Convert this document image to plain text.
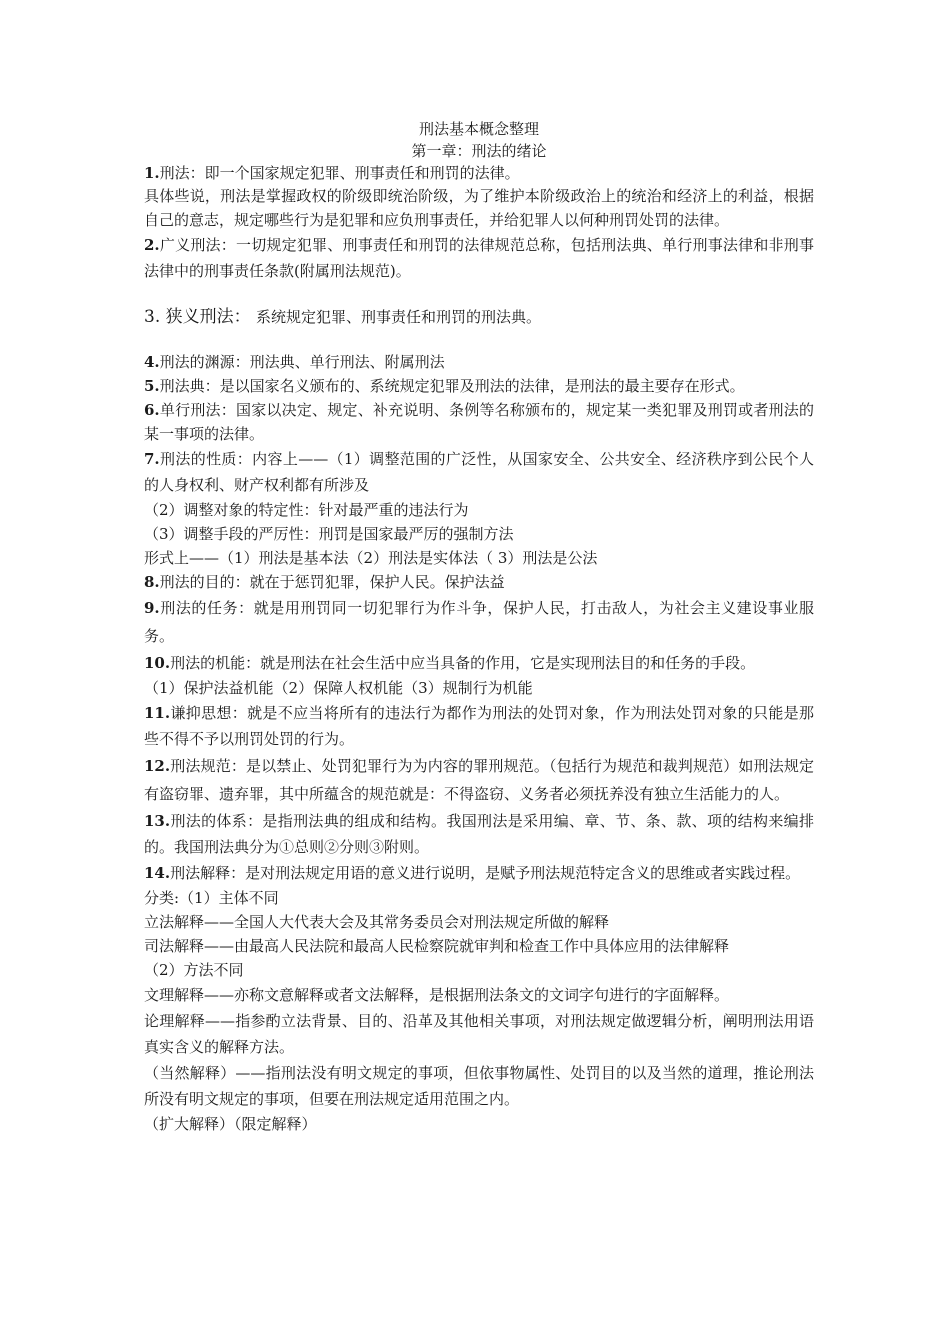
刑法基本概念整理

第一章：刑法的绪论

1.刑法：即一个国家规定犯罪、刑事责任和刑罚的法律。

具体些说，刑法是掌握政权的阶级即统治阶级，为了维护本阶级政治上的统治和经济上的利益，根据自己的意志，规定哪些行为是犯罪和应负刑事责任，并给犯罪人以何种刑罚处罚的法律。

2.广义刑法：一切规定犯罪、刑事责任和刑罚的法律规范总称，包括刑法典、单行刑事法律和非刑事法律中的刑事责任条款(附属刑法规范)。

3. 狭义刑法： 系统规定犯罪、刑事责任和刑罚的刑法典。

4.刑法的渊源：刑法典、单行刑法、附属刑法

5.刑法典：是以国家名义颁布的、系统规定犯罪及刑法的法律，是刑法的最主要存在形式。

6.单行刑法：国家以决定、规定、补充说明、条例等名称颁布的，规定某一类犯罪及刑罚或者刑法的某一事项的法律。

7.刑法的性质：内容上——（1）调整范围的广泛性，从国家安全、公共安全、经济秩序到公民个人的人身权利、财产权利都有所涉及

（2）调整对象的特定性：针对最严重的违法行为

（3）调整手段的严厉性：刑罚是国家最严厉的强制方法

形式上——（1）刑法是基本法（2）刑法是实体法（ 3）刑法是公法

8.刑法的目的：就在于惩罚犯罪，保护人民。保护法益

9.刑法的任务：就是用刑罚同一切犯罪行为作斗争，保护人民，打击敌人，为社会主义建设事业服务。

10.刑法的机能：就是刑法在社会生活中应当具备的作用，它是实现刑法目的和任务的手段。

（1）保护法益机能（2）保障人权机能（3）规制行为机能

11.谦抑思想：就是不应当将所有的违法行为都作为刑法的处罚对象，作为刑法处罚对象的只能是那些不得不予以刑罚处罚的行为。

12.刑法规范：是以禁止、处罚犯罪行为为内容的罪刑规范。（包括行为规范和裁判规范）如刑法规定有盗窃罪、遗弃罪，其中所蕴含的规范就是：不得盗窃、义务者必须抚养没有独立生活能力的人。

13.刑法的体系：是指刑法典的组成和结构。我国刑法是采用编、章、节、条、款、项的结构来编排的。我国刑法典分为①总则②分则③附则。

14.刑法解释：是对刑法规定用语的意义进行说明，是赋予刑法规范特定含义的思维或者实践过程。

分类:（1）主体不同

立法解释——全国人大代表大会及其常务委员会对刑法规定所做的解释

司法解释——由最高人民法院和最高人民检察院就审判和检查工作中具体应用的法律解释

（2）方法不同

文理解释——亦称文意解释或者文法解释，是根据刑法条文的文词字句进行的字面解释。

论理解释——指参酌立法背景、目的、沿革及其他相关事项，对刑法规定做逻辑分析，阐明刑法用语真实含义的解释方法。

（当然解释）——指刑法没有明文规定的事项，但依事物属性、处罚目的以及当然的道理，推论刑法所没有明文规定的事项，但要在刑法规定适用范围之内。

（扩大解释）（限定解释）
